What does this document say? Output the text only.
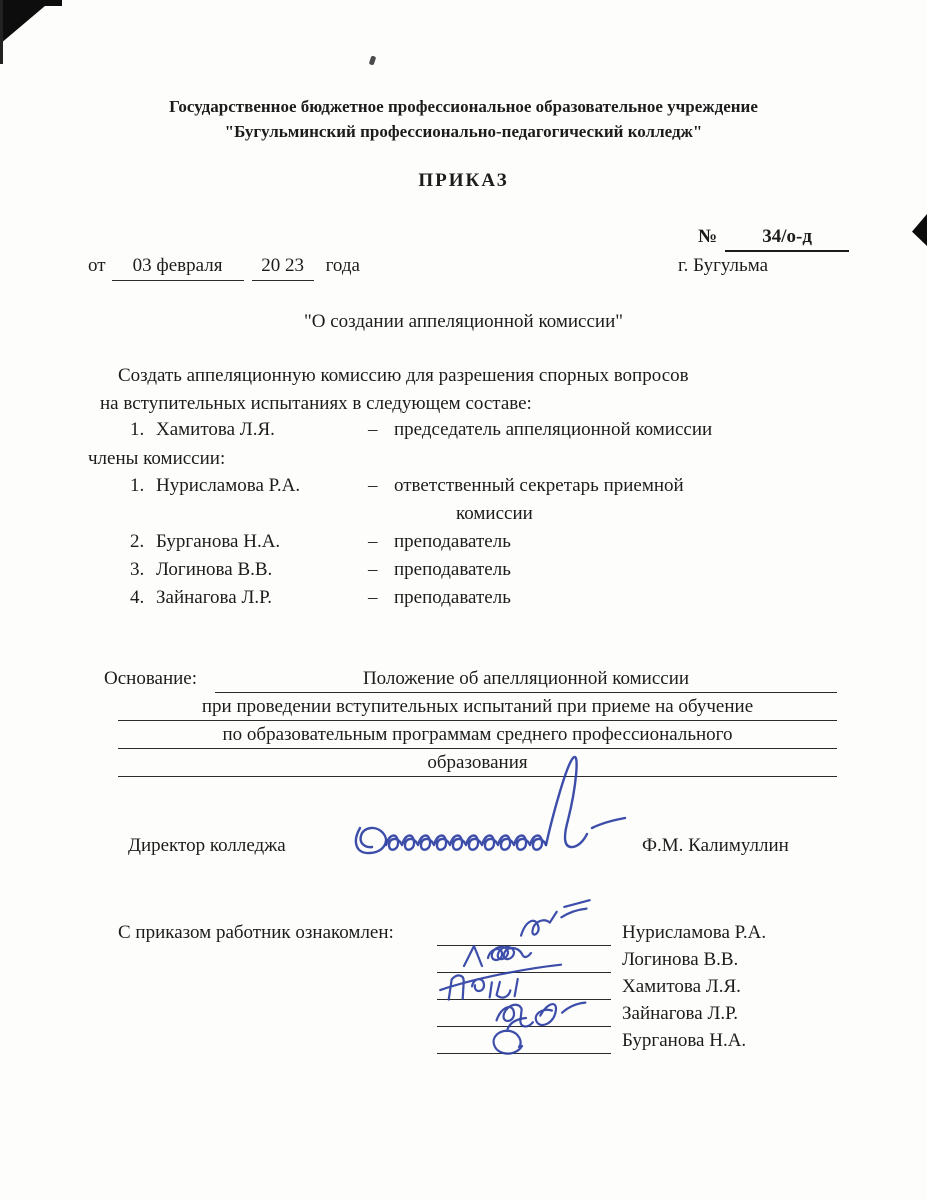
Государственное бюджетное профессиональное образовательное учреждение
"Бугульминский профессионально-педагогический колледж"
ПРИКАЗ
№ 34/о-д
от 03 февраля 20 23 года	г. Бугульма
"О создании аппеляционной комиссии"
Создать аппеляционную комиссию для разрешения спорных вопросов
на вступительных испытаниях в следующем составе:
1. Хамитова Л.Я.	– председатель аппеляционной комиссии
члены комиссии:
1. Нурисламова Р.А.	– ответственный секретарь приемной
комиссии
2. Бурганова Н.А.	– преподаватель
3. Логинова В.В.	– преподаватель
4. Зайнагова Л.Р.	– преподаватель
Основание:	Положение об апелляционной комиссии
при проведении вступительных испытаний при приеме на обучение
по образовательным программам среднего профессионального
образования
Директор колледжа	Ф.М. Калимуллин
С приказом работник ознакомлен:	Нурисламова Р.А.
Логинова В.В.
Хамитова Л.Я.
Зайнагова Л.Р.
Бурганова Н.А.
